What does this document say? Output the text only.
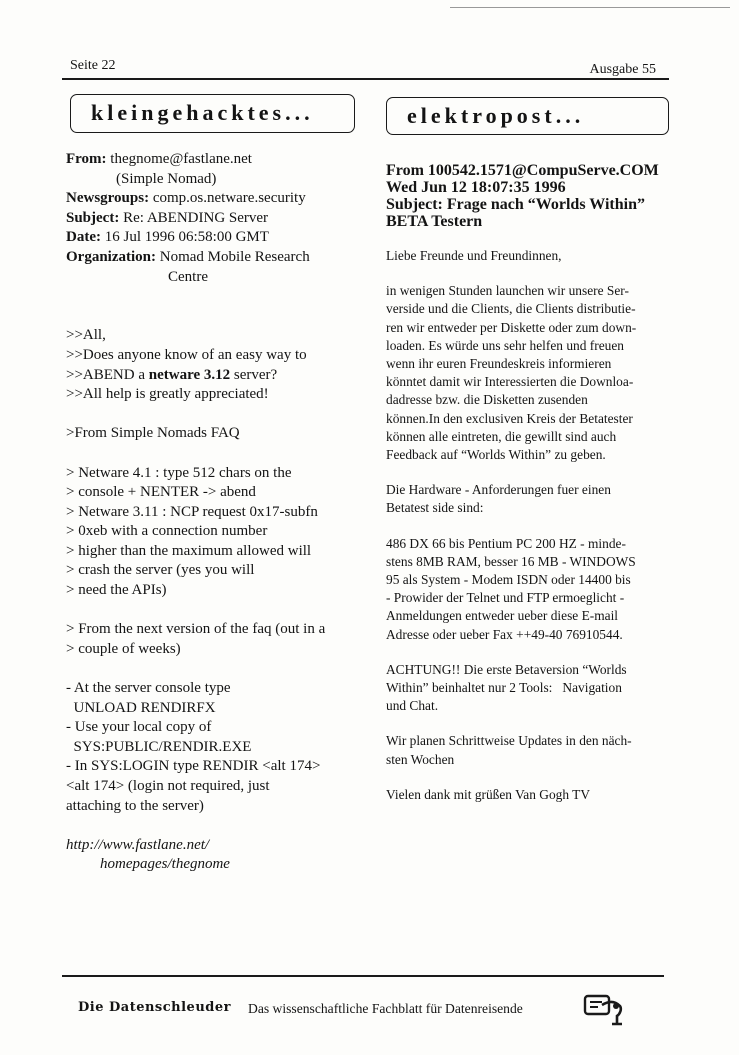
Seite 22	Ausgabe 55
kleingehacktes...	elektropost...
From: thegnome@fastlane.net
(Simple Nomad)
Newsgroups: comp.os.netware.security
Subject: Re: ABENDING Server
Date: 16 Jul 1996 06:58:00 GMT
Organization: Nomad Mobile Research
Centre
>>All,
>>Does anyone know of an easy way to
>>ABEND a netware 3.12 server?
>>All help is greatly appreciated!
>From Simple Nomads FAQ
> Netware 4.1 : type 512 chars on the
> console + NENTER -> abend
> Netware 3.11 : NCP request 0x17-subfn
> 0xeb with a connection number
> higher than the maximum allowed will
> crash the server (yes you will
> need the APIs)
> From the next version of the faq (out in a
> couple of weeks)
- At the server console type
UNLOAD RENDIRFX
- Use your local copy of
SYS:PUBLIC/RENDIR.EXE
- In SYS:LOGIN type RENDIR <alt 174>
<alt 174> (login not required, just
attaching to the server)
http://www.fastlane.net/
homepages/thegnome
From 100542.1571@CompuServe.COM
Wed Jun 12 18:07:35 1996
Subject: Frage nach “Worlds Within”
BETA Testern
Liebe Freunde und Freundinnen,
in wenigen Stunden launchen wir unsere Ser-
verside und die Clients, die Clients distributie-
ren wir entweder per Diskette oder zum down-
loaden. Es würde uns sehr helfen und freuen
wenn ihr euren Freundeskreis informieren
könntet damit wir Interessierten die Downloa-
dadresse bzw. die Disketten zusenden
können.In den exclusiven Kreis der Betatester
können alle eintreten, die gewillt sind auch
Feedback auf “Worlds Within” zu geben.
Die Hardware - Anforderungen fuer einen
Betatest side sind:
486 DX 66 bis Pentium PC 200 HZ - minde-
stens 8MB RAM, besser 16 MB - WINDOWS
95 als System - Modem ISDN oder 14400 bis
- Prowider der Telnet und FTP ermoeglicht -
Anmeldungen entweder ueber diese E-mail
Adresse oder ueber Fax ++49-40 76910544.
ACHTUNG!! Die erste Betaversion “Worlds
Within” beinhaltet nur 2 Tools:   Navigation
und Chat.
Wir planen Schrittweise Updates in den näch-
sten Wochen
Vielen dank mit grüßen Van Gogh TV
Die Datenschleuder Das wissenschaftliche Fachblatt für Datenreisende
